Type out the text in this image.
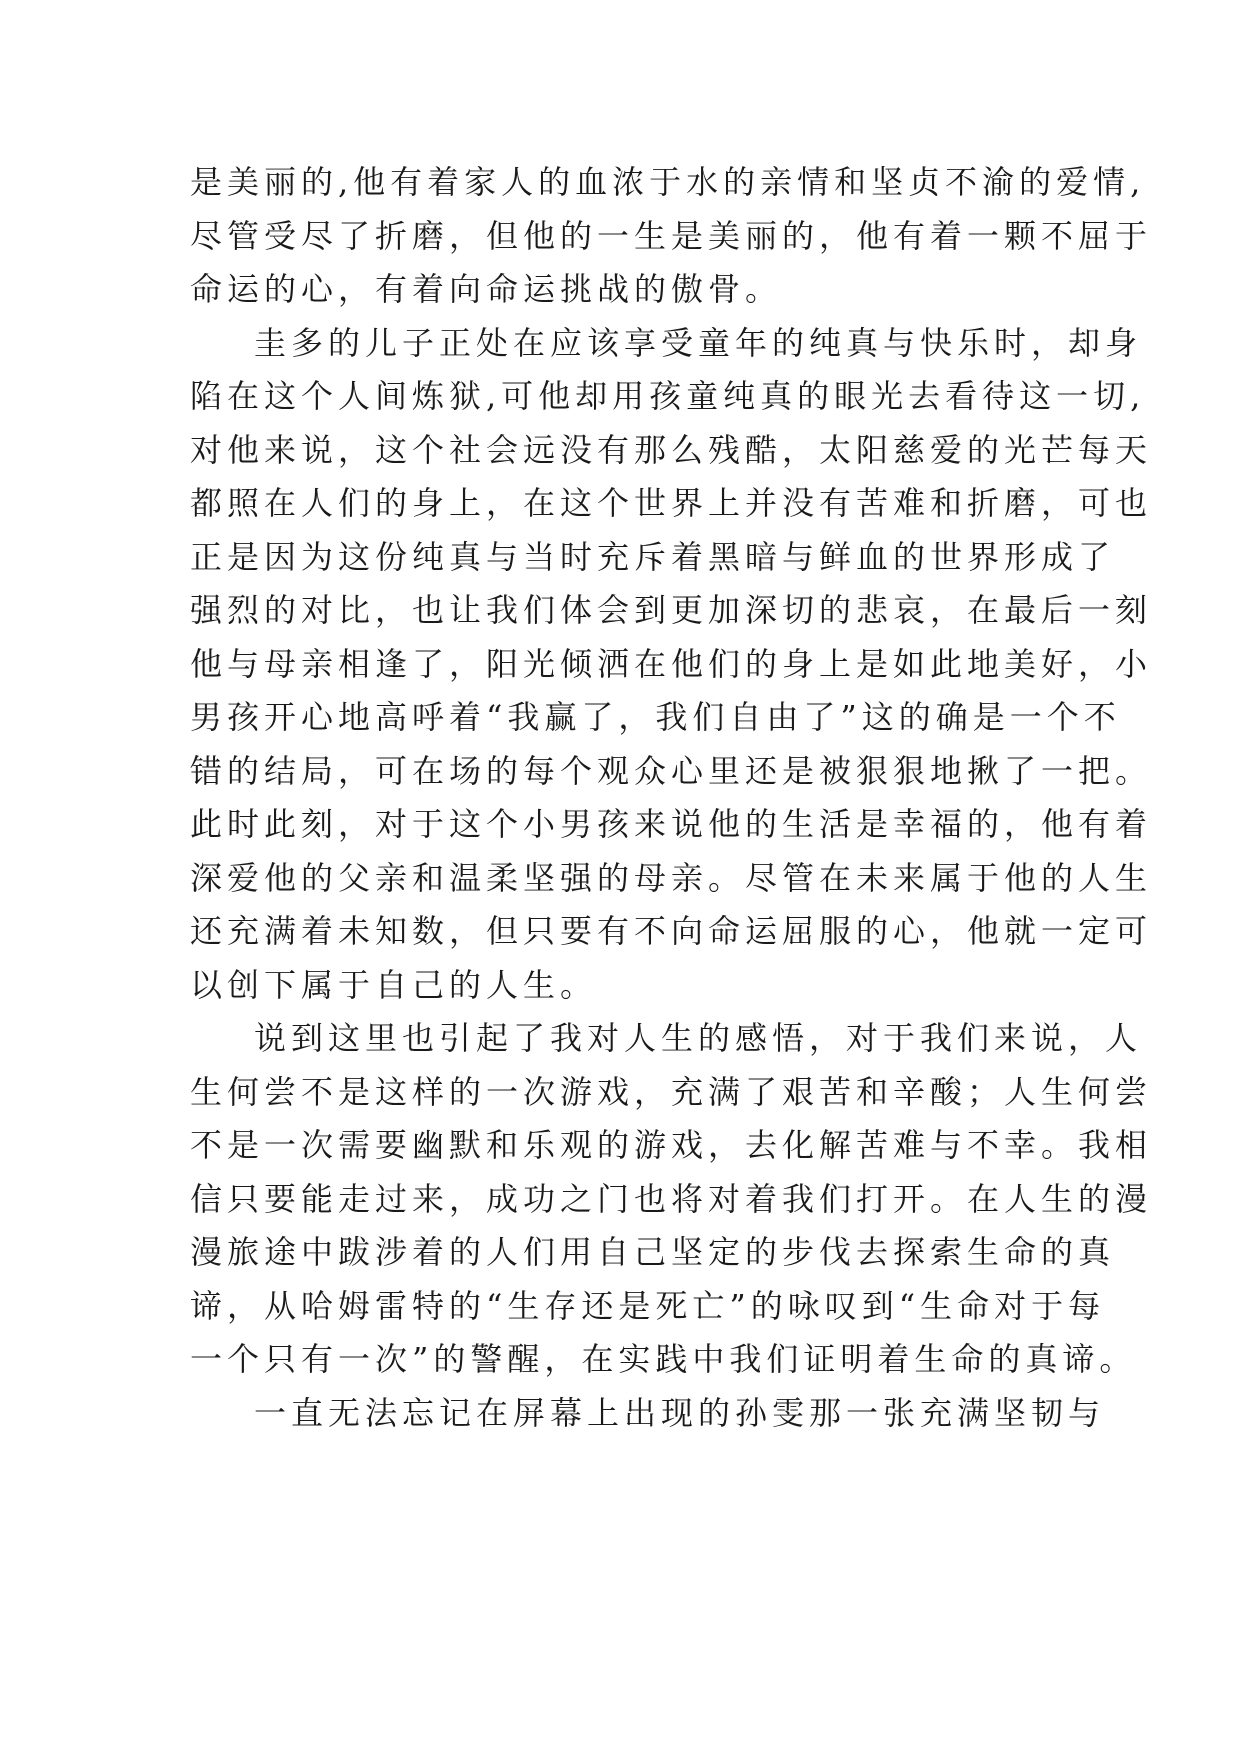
是美丽的,他有着家人的血浓于水的亲情和坚贞不渝的爱情,
尽管受尽了折磨，但他的一生是美丽的，他有着一颗不屈于
命运的心，有着向命运挑战的傲骨。
圭多的儿子正处在应该享受童年的纯真与快乐时，却身
陷在这个人间炼狱,可他却用孩童纯真的眼光去看待这一切,
对他来说，这个社会远没有那么残酷，太阳慈爱的光芒每天
都照在人们的身上，在这个世界上并没有苦难和折磨，可也
正是因为这份纯真与当时充斥着黑暗与鲜血的世界形成了
强烈的对比，也让我们体会到更加深切的悲哀，在最后一刻
他与母亲相逢了，阳光倾洒在他们的身上是如此地美好，小
男孩开心地高呼着“我赢了，我们自由了”这的确是一个不
错的结局，可在场的每个观众心里还是被狠狠地揪了一把。
此时此刻，对于这个小男孩来说他的生活是幸福的，他有着
深爱他的父亲和温柔坚强的母亲。尽管在未来属于他的人生
还充满着未知数，但只要有不向命运屈服的心，他就一定可
以创下属于自己的人生。
说到这里也引起了我对人生的感悟，对于我们来说，人
生何尝不是这样的一次游戏，充满了艰苦和辛酸；人生何尝
不是一次需要幽默和乐观的游戏，去化解苦难与不幸。我相
信只要能走过来，成功之门也将对着我们打开。在人生的漫
漫旅途中跋涉着的人们用自己坚定的步伐去探索生命的真
谛，从哈姆雷特的“生存还是死亡”的咏叹到“生命对于每
一个只有一次”的警醒，在实践中我们证明着生命的真谛。
一直无法忘记在屏幕上出现的孙雯那一张充满坚韧与
